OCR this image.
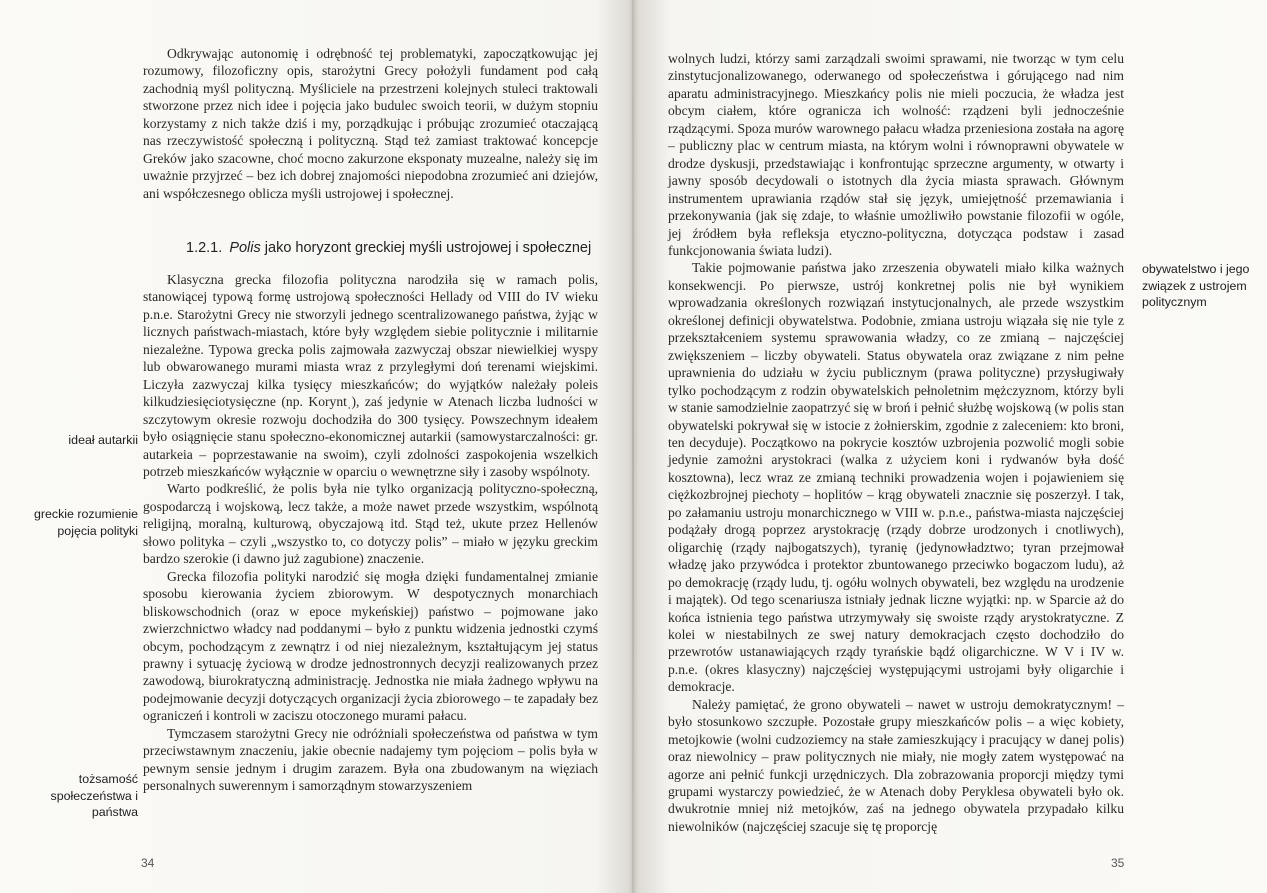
Odkrywając autonomię i odrębność tej problematyki, zapoczątkowując jej rozumowy, filozoficzny opis, starożytni Grecy położyli fundament pod całą zachodnią myśl polityczną. Myśliciele na przestrzeni kolejnych stuleci traktowali stworzone przez nich idee i pojęcia jako budulec swoich teorii, w dużym stopniu korzystamy z nich także dziś i my, porządkując i próbując zrozumieć otaczającą nas rzeczywistość społeczną i polityczną. Stąd też zamiast traktować koncepcje Greków jako szacowne, choć mocno zakurzone eksponaty muzealne, należy się im uważnie przyjrzeć – bez ich dobrej znajomości niepodobna zrozumieć ani dziejów, ani współczesnego oblicza myśli ustrojowej i społecznej.

1.2.1. Polis jako horyzont greckiej myśli ustrojowej i społecznej

Klasyczna grecka filozofia polityczna narodziła się w ramach polis, stanowiącej typową formę ustrojową społeczności Hellady od VIII do IV wieku p.n.e. Starożytni Grecy nie stworzyli jednego scentralizowanego państwa, żyjąc w licznych państwach-miastach, które były względem siebie politycznie i militarnie niezależne. Typowa grecka polis zajmowała zazwyczaj obszar niewielkiej wyspy lub obwarowanego murami miasta wraz z przyległymi doń terenami wiejskimi. Liczyła zazwyczaj kilka tysięcy mieszkańców; do wyjątków należały poleis kilkudziesięciotysięczne (np. Koryntˌ), zaś jedynie w Atenach liczba ludności w szczytowym okresie rozwoju dochodziła do 300 tysięcy. Powszechnym ideałem było osiągnięcie stanu społeczno-ekonomicznej autarkii (samowystarczalności: gr. autarkeia – poprzestawanie na swoim), czyli zdolności zaspokojenia wszelkich potrzeb mieszkańców wyłącznie w oparciu o wewnętrzne siły i zasoby wspólnoty.

Warto podkreślić, że polis była nie tylko organizacją polityczno-społeczną, gospodarczą i wojskową, lecz także, a może nawet przede wszystkim, wspólnotą religijną, moralną, kulturową, obyczajową itd. Stąd też, ukute przez Hellenów słowo polityka – czyli „wszystko to, co dotyczy polis” – miało w języku greckim bardzo szerokie (i dawno już zagubione) znaczenie.

Grecka filozofia polityki narodzić się mogła dzięki fundamentalnej zmianie sposobu kierowania życiem zbiorowym. W despotycznych monarchiach bliskowschodnich (oraz w epoce mykeńskiej) państwo – pojmowane jako zwierzchnictwo władcy nad poddanymi – było z punktu widzenia jednostki czymś obcym, pochodzącym z zewnątrz i od niej niezależnym, kształtującym jej status prawny i sytuację życiową w drodze jednostronnych decyzji realizowanych przez zawodową, biurokratyczną administrację. Jednostka nie miała żadnego wpływu na podejmowanie decyzji dotyczących organizacji życia zbiorowego – te zapadały bez ograniczeń i kontroli w zaciszu otoczonego murami pałacu.

Tymczasem starożytni Grecy nie odróżniali społeczeństwa od państwa w tym przeciwstawnym znaczeniu, jakie obecnie nadajemy tym pojęciom – polis była w pewnym sensie jednym i drugim zarazem. Była ona zbudowanym na więziach personalnych suwerennym i samorządnym stowarzyszeniem

ideał autarkii
greckie rozumienie pojęcia polityki
tożsamość społeczeństwa i państwa
34

wolnych ludzi, którzy sami zarządzali swoimi sprawami, nie tworząc w tym celu zinstytucjonalizowanego, oderwanego od społeczeństwa i górującego nad nim aparatu administracyjnego. Mieszkańcy polis nie mieli poczucia, że władza jest obcym ciałem, które ogranicza ich wolność: rządzeni byli jednocześnie rządzącymi. Spoza murów warownego pałacu władza przeniesiona została na agorę – publiczny plac w centrum miasta, na którym wolni i równoprawni obywatele w drodze dyskusji, przedstawiając i konfrontując sprzeczne argumenty, w otwarty i jawny sposób decydowali o istotnych dla życia miasta sprawach. Głównym instrumentem uprawiania rządów stał się język, umiejętność przemawiania i przekonywania (jak się zdaje, to właśnie umożliwiło powstanie filozofii w ogóle, jej źródłem była refleksja etyczno-polityczna, dotycząca podstaw i zasad funkcjonowania świata ludzi).

Takie pojmowanie państwa jako zrzeszenia obywateli miało kilka ważnych konsekwencji. Po pierwsze, ustrój konkretnej polis nie był wynikiem wprowadzania określonych rozwiązań instytucjonalnych, ale przede wszystkim określonej definicji obywatelstwa. Podobnie, zmiana ustroju wiązała się nie tyle z przekształceniem systemu sprawowania władzy, co ze zmianą – najczęściej zwiększeniem – liczby obywateli. Status obywatela oraz związane z nim pełne uprawnienia do udziału w życiu publicznym (prawa polityczne) przysługiwały tylko pochodzącym z rodzin obywatelskich pełnoletnim mężczyznom, którzy byli w stanie samodzielnie zaopatrzyć się w broń i pełnić służbę wojskową (w polis stan obywatelski pokrywał się w istocie z żołnierskim, zgodnie z zaleceniem: kto broni, ten decyduje). Początkowo na pokrycie kosztów uzbrojenia pozwolić mogli sobie jedynie zamożni arystokraci (walka z użyciem koni i rydwanów była dość kosztowna), lecz wraz ze zmianą techniki prowadzenia wojen i pojawieniem się ciężkozbrojnej piechoty – hoplitów – krąg obywateli znacznie się poszerzył. I tak, po załamaniu ustroju monarchicznego w VIII w. p.n.e., państwa-miasta najczęściej podążały drogą poprzez arystokrację (rządy dobrze urodzonych i cnotliwych), oligarchię (rządy najbogatszych), tyranię (jedynowładztwo; tyran przejmował władzę jako przywódca i protektor zbuntowanego przeciwko bogaczom ludu), aż po demokrację (rządy ludu, tj. ogółu wolnych obywateli, bez względu na urodzenie i majątek). Od tego scenariusza istniały jednak liczne wyjątki: np. w Sparcie aż do końca istnienia tego państwa utrzymywały się swoiste rządy arystokratyczne. Z kolei w niestabilnych ze swej natury demokracjach często dochodziło do przewrotów ustanawiających rządy tyrańskie bądź oligarchiczne. W V i IV w. p.n.e. (okres klasyczny) najczęściej występującymi ustrojami były oligarchie i demokracje.

Należy pamiętać, że grono obywateli – nawet w ustroju demokratycznym! – było stosunkowo szczupłe. Pozostałe grupy mieszkańców polis – a więc kobiety, metojkowie (wolni cudzoziemcy na stałe zamieszkujący i pracujący w danej polis) oraz niewolnicy – praw politycznych nie miały, nie mogły zatem występować na agorze ani pełnić funkcji urzędniczych. Dla zobrazowania proporcji między tymi grupami wystarczy powiedzieć, że w Atenach doby Peryklesa obywateli było ok. dwukrotnie mniej niż metojków, zaś na jednego obywatela przypadało kilku niewolników (najczęściej szacuje się tę proporcję

obywatelstwo i jego związek z ustrojem politycznym
35
